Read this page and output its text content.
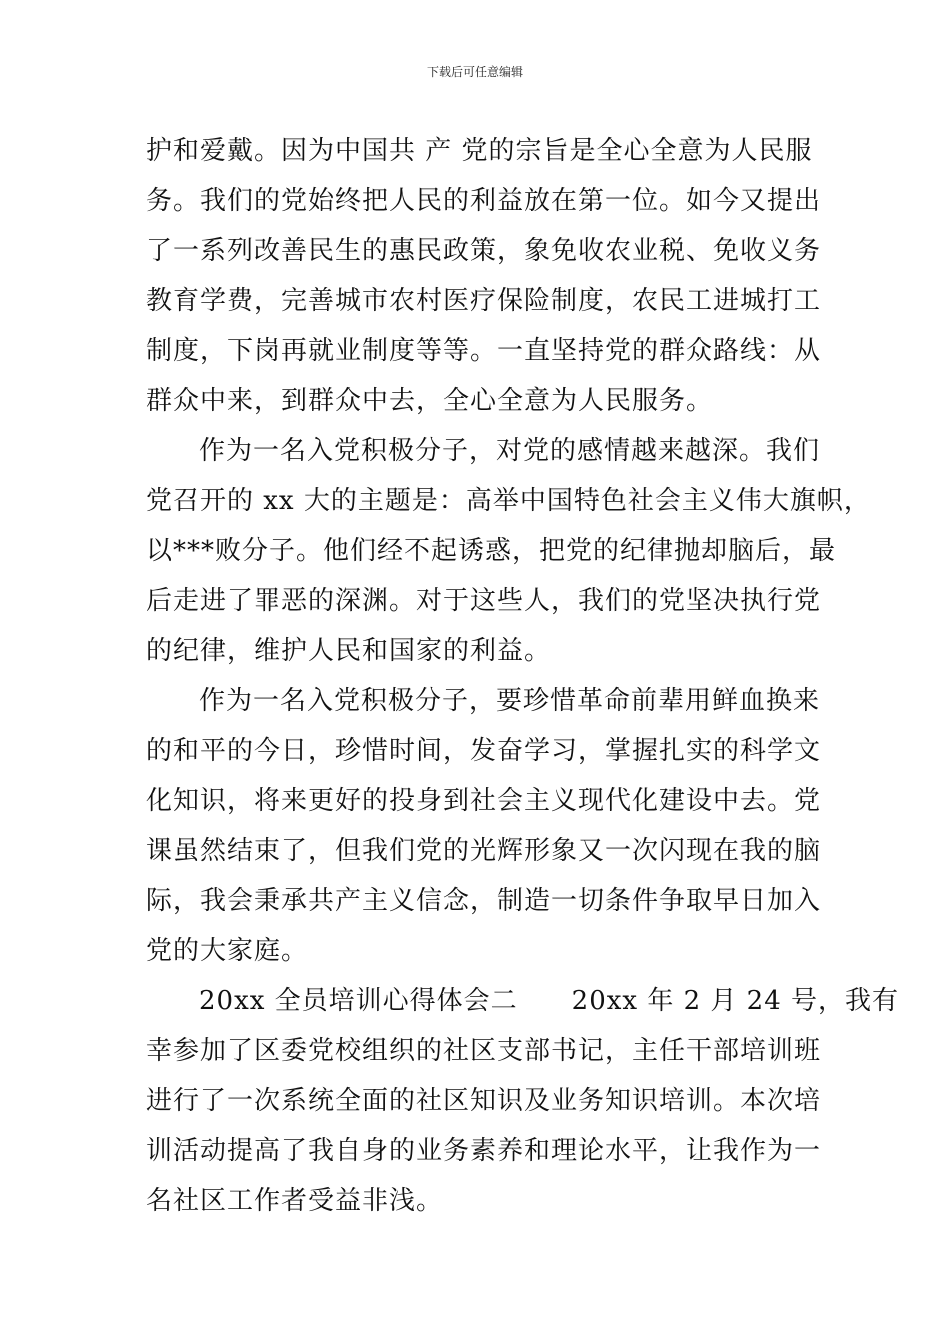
下载后可任意编辑
护和爱戴。因为中国共 产 党的宗旨是全心全意为人民服
务。我们的党始终把人民的利益放在第一位。如今又提出
了一系列改善民生的惠民政策，象免收农业税、免收义务
教育学费，完善城市农村医疗保险制度，农民工进城打工
制度，下岗再就业制度等等。一直坚持党的群众路线：从
群众中来，到群众中去，全心全意为人民服务。
作为一名入党积极分子，对党的感情越来越深。我们
党召开的 xx 大的主题是：高举中国特色社会主义伟大旗帜，
以***败分子。他们经不起诱惑，把党的纪律抛却脑后，最
后走进了罪恶的深渊。对于这些人，我们的党坚决执行党
的纪律，维护人民和国家的利益。
作为一名入党积极分子，要珍惜革命前辈用鲜血换来
的和平的今日，珍惜时间，发奋学习，掌握扎实的科学文
化知识，将来更好的投身到社会主义现代化建设中去。党
课虽然结束了，但我们党的光辉形象又一次闪现在我的脑
际，我会秉承共产主义信念，制造一切条件争取早日加入
党的大家庭。
20xx 全员培训心得体会二　　20xx 年 2 月 24 号，我有
幸参加了区委党校组织的社区支部书记，主任干部培训班
进行了一次系统全面的社区知识及业务知识培训。本次培
训活动提高了我自身的业务素养和理论水平，让我作为一
名社区工作者受益非浅。
